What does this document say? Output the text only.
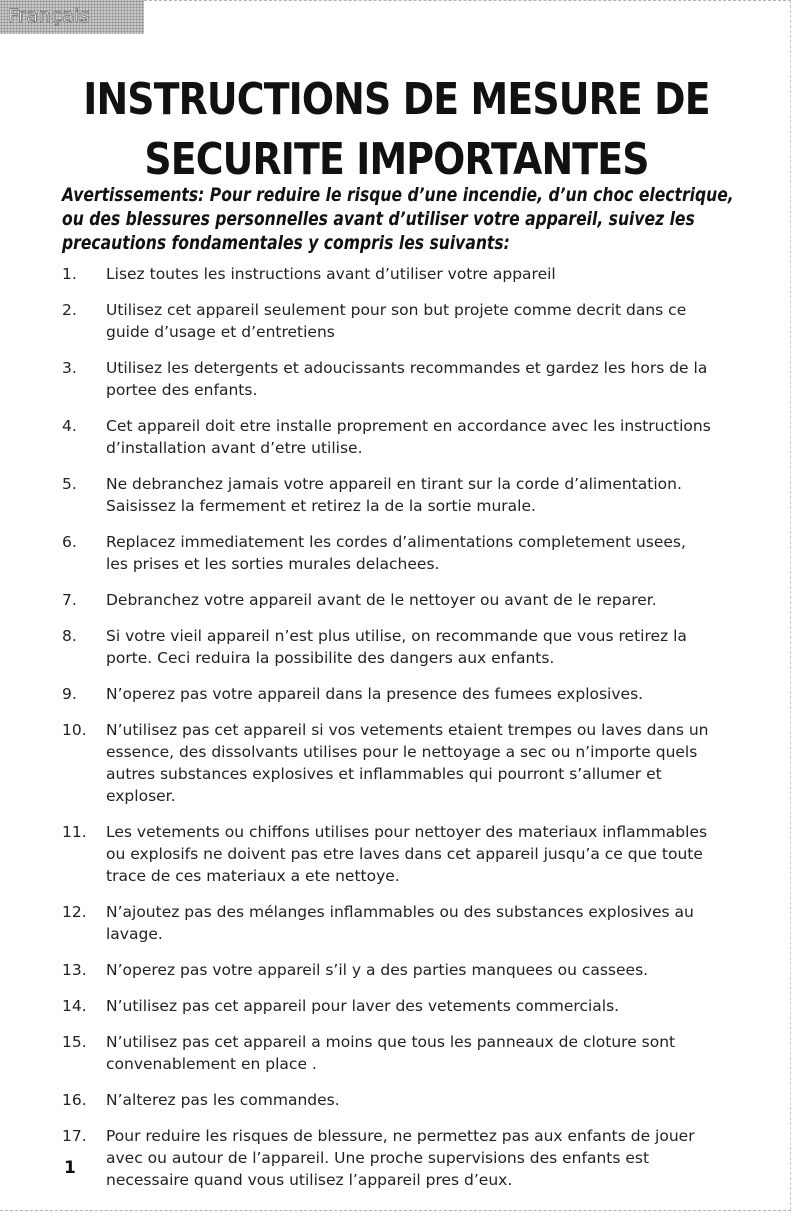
Français
INSTRUCTIONS DE MESURE DE SECURITE IMPORTANTES

Avertissements: Pour reduire le risque d’une incendie, d’un choc electrique, ou des blessures personnelles avant d’utiliser votre appareil, suivez les precautions fondamentales y compris les suivants:

1. Lisez toutes les instructions avant d’utiliser votre appareil
2. Utilisez cet appareil seulement pour son but projete comme decrit dans ce guide d’usage et d’entretiens
3. Utilisez les detergents et adoucissants recommandes et gardez les hors de la portee des enfants.
4. Cet appareil doit etre installe proprement en accordance avec les instructions d’installation avant d’etre utilise.
5. Ne debranchez jamais votre appareil en tirant sur la corde d’alimentation. Saisissez la fermement et retirez la de la sortie murale.
6. Replacez immediatement les cordes d’alimentations completement usees, les prises et les sorties murales delachees.
7. Debranchez votre appareil avant de le nettoyer ou avant de le reparer.
8. Si votre vieil appareil n’est plus utilise, on recommande que vous retirez la porte. Ceci reduira la possibilite des dangers aux enfants.
9. N’operez pas votre appareil dans la presence des fumees explosives.
10. N’utilisez pas cet appareil si vos vetements etaient trempes ou laves dans un essence, des dissolvants utilises pour le nettoyage a sec ou n’importe quels autres substances explosives et inflammables qui pourront s’allumer et exploser.
11. Les vetements ou chiffons utilises pour nettoyer des materiaux inflammables ou explosifs ne doivent pas etre laves dans cet appareil jusqu’a ce que toute trace de ces materiaux a ete nettoye.
12. N’ajoutez pas des mélanges inflammables ou des substances explosives au lavage.
13. N’operez pas votre appareil s’il y a des parties manquees ou cassees.
14. N’utilisez pas cet appareil pour laver des vetements commercials.
15. N’utilisez pas cet appareil a moins que tous les panneaux de cloture sont convenablement en place .
16. N’alterez pas les commandes.
17. Pour reduire les risques de blessure, ne permettez pas aux enfants de jouer avec ou autour de l’appareil. Une proche supervisions des enfants est necessaire quand vous utilisez l’appareil pres d’eux.
1
